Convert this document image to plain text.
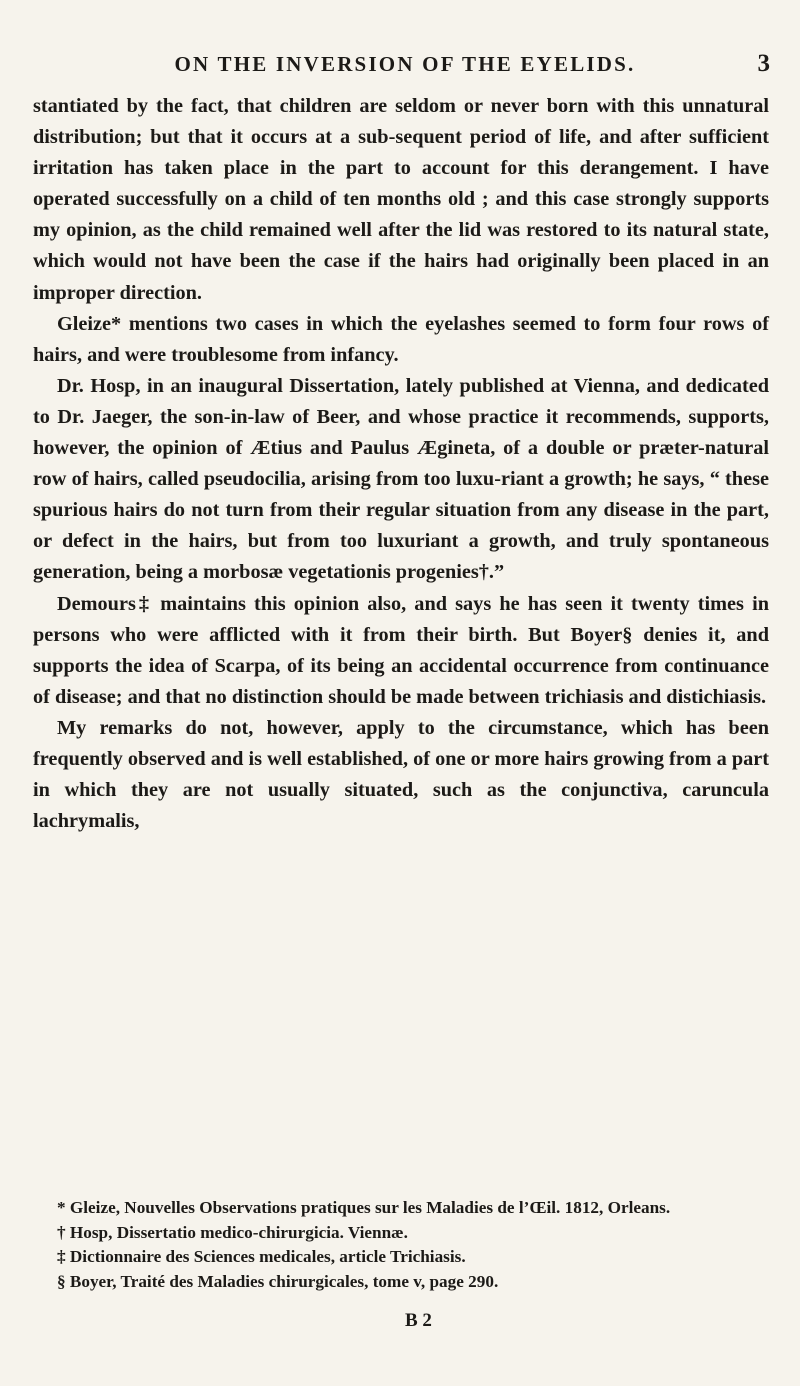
ON THE INVERSION OF THE EYELIDS.	3

stantiated by the fact, that children are seldom or never born with this unnatural distribution; but that it occurs at a sub-sequent period of life, and after sufficient irritation has taken place in the part to account for this derangement. I have operated successfully on a child of ten months old ; and this case strongly supports my opinion, as the child remained well after the lid was restored to its natural state, which would not have been the case if the hairs had originally been placed in an improper direction.

Gleize* mentions two cases in which the eyelashes seemed to form four rows of hairs, and were troublesome from infancy.

Dr. Hosp, in an inaugural Dissertation, lately published at Vienna, and dedicated to Dr. Jaeger, the son-in-law of Beer, and whose practice it recommends, supports, however, the opinion of Ætius and Paulus Ægineta, of a double or præter-natural row of hairs, called pseudocilia, arising from too luxu-riant a growth; he says, “ these spurious hairs do not turn from their regular situation from any disease in the part, or defect in the hairs, but from too luxuriant a growth, and truly spontaneous generation, being a morbosæ vegetationis progenies†.”

Demours‡ maintains this opinion also, and says he has seen it twenty times in persons who were afflicted with it from their birth. But Boyer§ denies it, and supports the idea of Scarpa, of its being an accidental occurrence from continuance of disease; and that no distinction should be made between trichiasis and distichiasis.

My remarks do not, however, apply to the circumstance, which has been frequently observed and is well established, of one or more hairs growing from a part in which they are not usually situated, such as the conjunctiva, caruncula lachrymalis,

* Gleize, Nouvelles Observations pratiques sur les Maladies de l’Œil. 1812, Orleans.

† Hosp, Dissertatio medico-chirurgicia. Viennæ.

‡ Dictionnaire des Sciences medicales, article Trichiasis.

§ Boyer, Traité des Maladies chirurgicales, tome v, page 290.

B 2
